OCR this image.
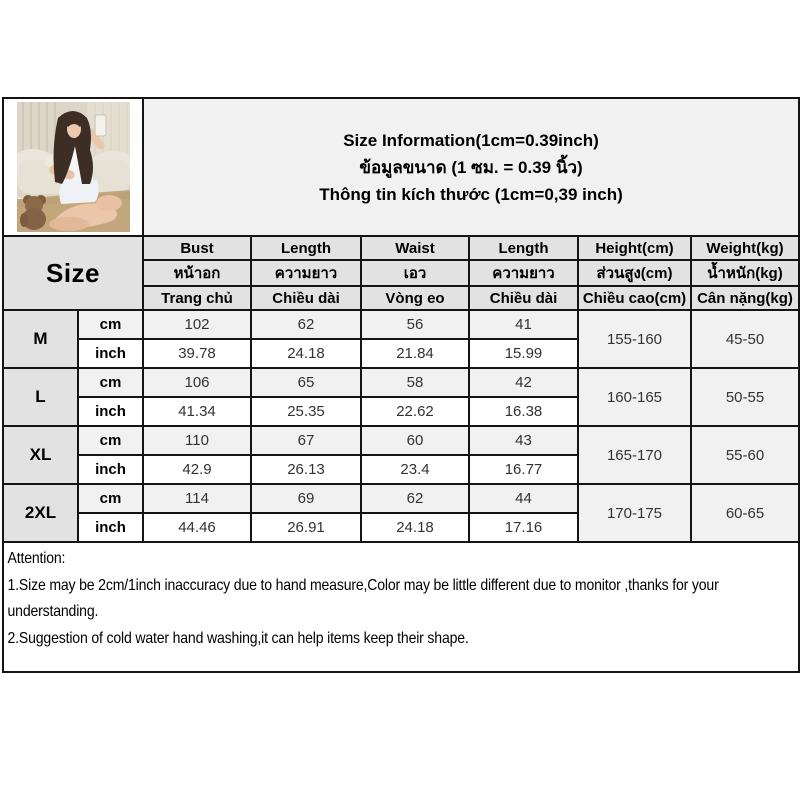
Size Information(1cm=0.39inch)
ข้อมูลขนาด (1 ซม. = 0.39 นิ้ว)
Thông tin kích thước (1cm=0,39 inch)					

Size		Bust	Length	Waist	Length	Height(cm)	Weight(kg)
		หน้าอก	ความยาว	เอว	ความยาว	ส่วนสูง(cm)	น้ำหนัก(kg)
		Trang chủ	Chiều dài	Vòng eo	Chiều dài	Chiều cao(cm)	Cân nặng(kg)
M	cm	102	62	56	41	155-160	45-50
	inch	39.78	24.18	21.84	15.99		
L	cm	106	65	58	42	160-165	50-55
	inch	41.34	25.35	22.62	16.38		
XL	cm	110	67	60	43	165-170	55-60
	inch	42.9	26.13	23.4	16.77		
2XL	cm	114	69	62	44	170-175	60-65
	inch	44.46	26.91	24.18	17.16		

Attention:
1.Size may be 2cm/1inch inaccuracy due to hand measure,Color may be little different due to monitor ,thanks for your understanding.
2.Suggestion of cold water hand washing,it can help items keep their shape.							
